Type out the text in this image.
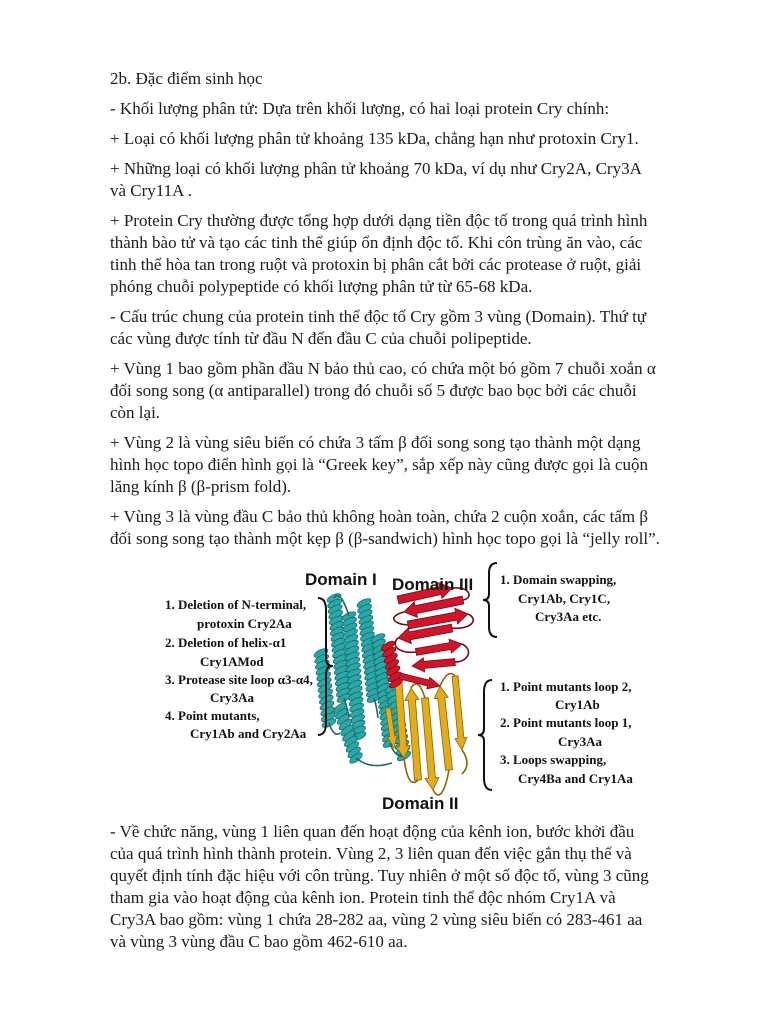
2b. Đặc điểm sinh học

- Khối lượng phân tử: Dựa trên khối lượng, có hai loại protein Cry chính:

+ Loại có khối lượng phân tử khoảng 135 kDa, chẳng hạn như protoxin Cry1.

+ Những loại có khối lượng phân tử khoảng 70 kDa, ví dụ như Cry2A, Cry3A
và Cry11A .

+ Protein Cry thường được tổng hợp dưới dạng tiền độc tố trong quá trình hình
thành bào tử và tạo các tinh thể giúp ổn định độc tố. Khi côn trùng ăn vào, các
tinh thể hòa tan trong ruột và protoxin bị phân cắt bởi các protease ở ruột, giải
phóng chuỗi polypeptide có khối lượng phân tử từ 65-68 kDa.

- Cấu trúc chung của protein tinh thể độc tố Cry gồm 3 vùng (Domain). Thứ tự
các vùng được tính từ đầu N đến đầu C của chuỗi polipeptide.

+ Vùng 1 bao gồm phần đầu N bảo thủ cao, có chứa một bó gồm 7 chuỗi xoắn α
đối song song (α antiparallel) trong đó chuỗi số 5 được bao bọc bởi các chuỗi
còn lại.

+ Vùng 2 là vùng siêu biến có chứa 3 tấm β đối song song tạo thành một dạng
hình học topo điển hình gọi là “Greek key”, sắp xếp này cũng được gọi là cuộn
lăng kính β (β-prism fold).

+ Vùng 3 là vùng đầu C bảo thủ không hoàn toàn, chứa 2 cuộn xoắn, các tấm β
đối song song tạo thành một kẹp β (β-sandwich) hình học topo gọi là “jelly roll”.

Domain I Domain III
Domain II
1. Deletion of N-terminal,
protoxin Cry2Aa
2. Deletion of helix-α1
Cry1AMod
3. Protease site loop α3-α4,
Cry3Aa
4. Point mutants,
Cry1Ab and Cry2Aa
1. Domain swapping,
Cry1Ab, Cry1C,
Cry3Aa etc.
1. Point mutants loop 2,
Cry1Ab
2. Point mutants loop 1,
Cry3Aa
3. Loops swapping,
Cry4Ba and Cry1Aa

- Về chức năng, vùng 1 liên quan đến hoạt động của kênh ion, bước khởi đầu
của quá trình hình thành protein. Vùng 2, 3 liên quan đến việc gắn thụ thể và
quyết định tính đặc hiệu với côn trùng. Tuy nhiên ở một số độc tố, vùng 3 cũng
tham gia vào hoạt động của kênh ion. Protein tinh thể độc nhóm Cry1A và
Cry3A bao gồm: vùng 1 chứa 28-282 aa, vùng 2 vùng siêu biến có 283-461 aa
và vùng 3 vùng đầu C bao gồm 462-610 aa.
